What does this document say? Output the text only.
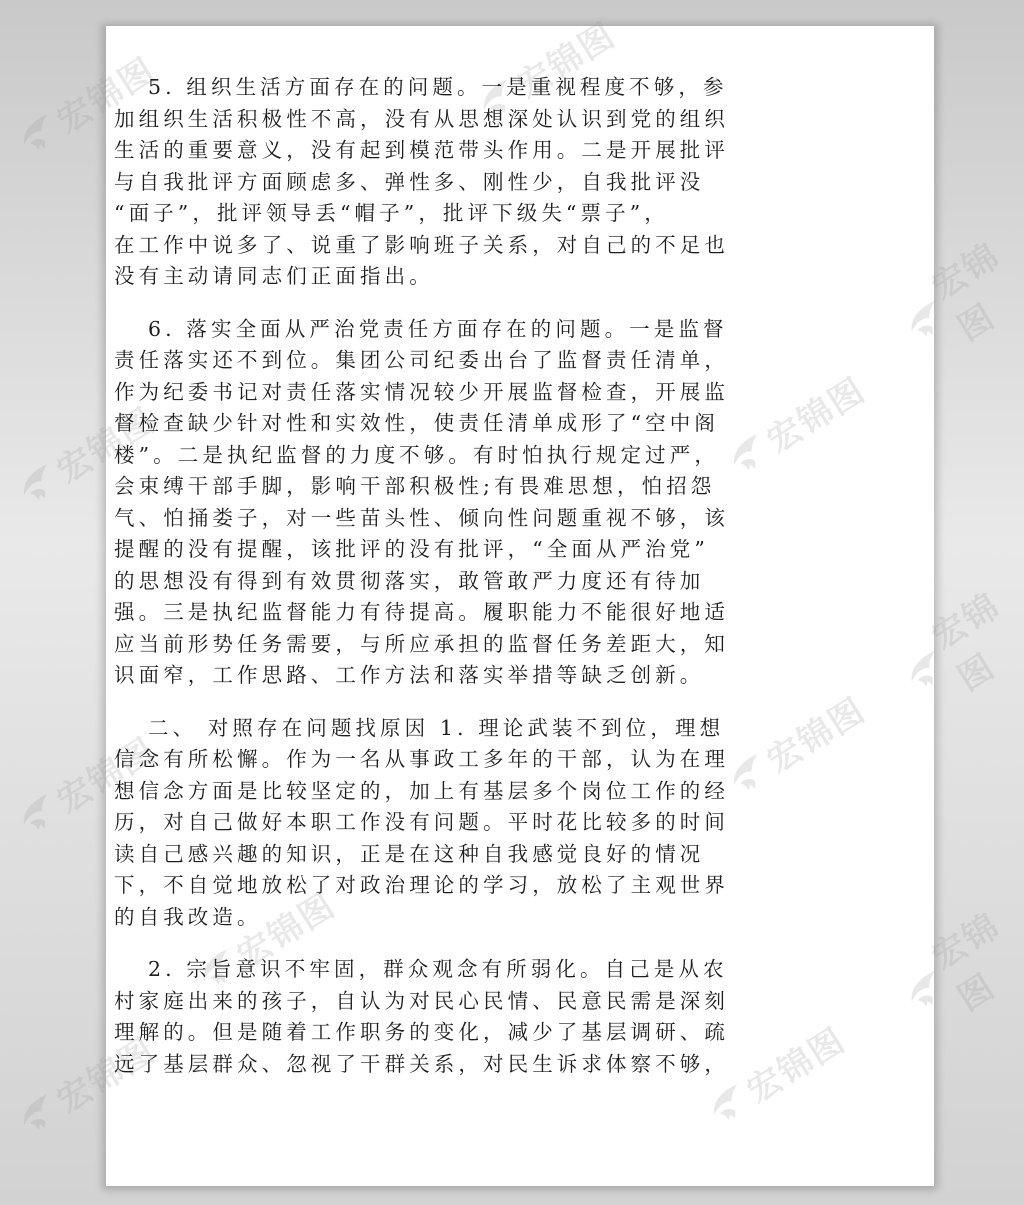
宏锦图	宏锦图
宏锦图
宏锦图	宏锦图
宏锦图
宏锦图	宏锦图
宏锦图	宏锦图
宏锦图	宏锦图
5. 组织生活方面存在的问题。一是重视程度不够，参
加组织生活积极性不高，没有从思想深处认识到党的组织
生活的重要意义，没有起到模范带头作用。二是开展批评
与自我批评方面顾虑多、弹性多、刚性少，自我批评没
“面子”，批评领导丢“帽子”，批评下级失“票子”，
在工作中说多了、说重了影响班子关系，对自己的不足也
没有主动请同志们正面指出。
6. 落实全面从严治党责任方面存在的问题。一是监督
责任落实还不到位。集团公司纪委出台了监督责任清单，
作为纪委书记对责任落实情况较少开展监督检查，开展监
督检查缺少针对性和实效性，使责任清单成形了“空中阁
楼”。二是执纪监督的力度不够。有时怕执行规定过严，
会束缚干部手脚，影响干部积极性;有畏难思想，怕招怨
气、怕捅娄子，对一些苗头性、倾向性问题重视不够，该
提醒的没有提醒，该批评的没有批评，“全面从严治党”
的思想没有得到有效贯彻落实，敢管敢严力度还有待加
强。三是执纪监督能力有待提高。履职能力不能很好地适
应当前形势任务需要，与所应承担的监督任务差距大，知
识面窄，工作思路、工作方法和落实举措等缺乏创新。
二、 对照存在问题找原因 1. 理论武装不到位，理想
信念有所松懈。作为一名从事政工多年的干部，认为在理
想信念方面是比较坚定的，加上有基层多个岗位工作的经
历，对自己做好本职工作没有问题。平时花比较多的时间
读自己感兴趣的知识，正是在这种自我感觉良好的情况
下，不自觉地放松了对政治理论的学习，放松了主观世界
的自我改造。
2. 宗旨意识不牢固，群众观念有所弱化。自己是从农
村家庭出来的孩子，自认为对民心民情、民意民需是深刻
理解的。但是随着工作职务的变化，减少了基层调研、疏
远了基层群众、忽视了干群关系，对民生诉求体察不够，
